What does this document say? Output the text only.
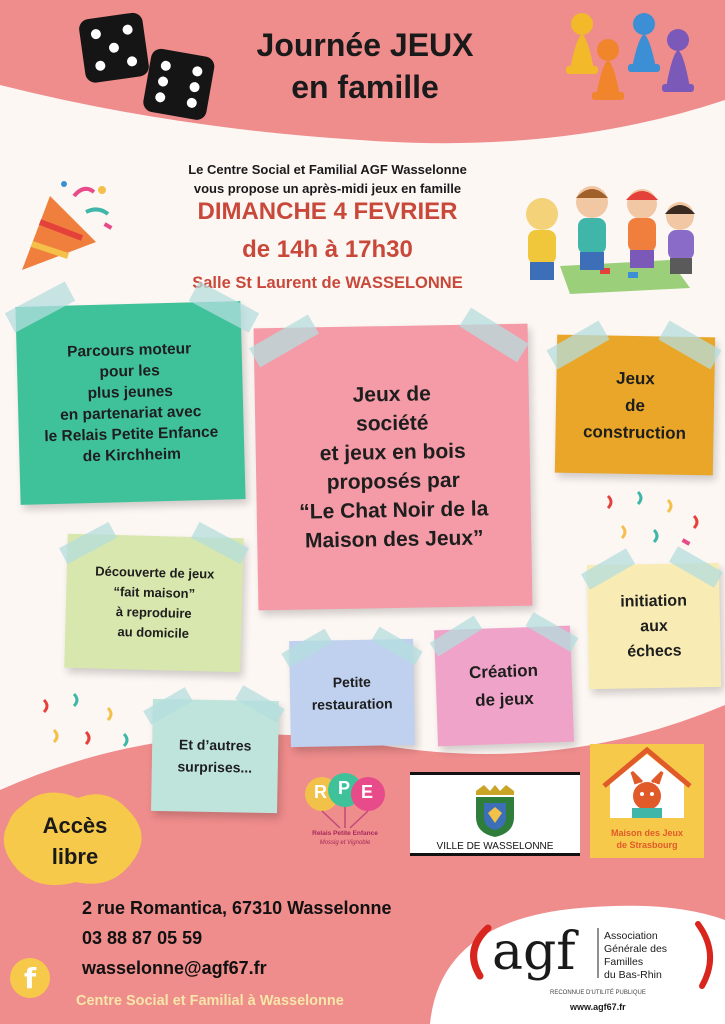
Journée JEUX
en famille
Le Centre Social et Familial AGF Wasselonne
vous propose un après-midi jeux en famille
DIMANCHE 4 FEVRIER
de 14h à 17h30
Salle St Laurent de WASSELONNE
Parcours moteur
pour les
plus jeunes
en partenariat avec
le Relais Petite Enfance
de Kirchheim
Jeux de
société
et jeux en bois
proposés par
“Le Chat Noir de la
Maison des Jeux”
Jeux
de
construction
Découverte de jeux
“fait maison”
à reproduire
au domicile
initiation
aux
échecs
Petite
restauration
Création
de jeux
Et d’autres
surprises...
R P E
Relais Petite Enfance
Mossig et Vignoble	VILLE DE WASSELONNE
Maison des Jeux
de Strasbourg
Accès
libre
2 rue Romantica, 67310 Wasselonne
03 88 87 05 59
wasselonne@agf67.fr
f
Centre Social et Familial à Wasselonne
agf	Association
Générale des
Familles
du Bas-Rhin
RECONNUE D'UTILITÉ PUBLIQUE
www.agf67.fr
